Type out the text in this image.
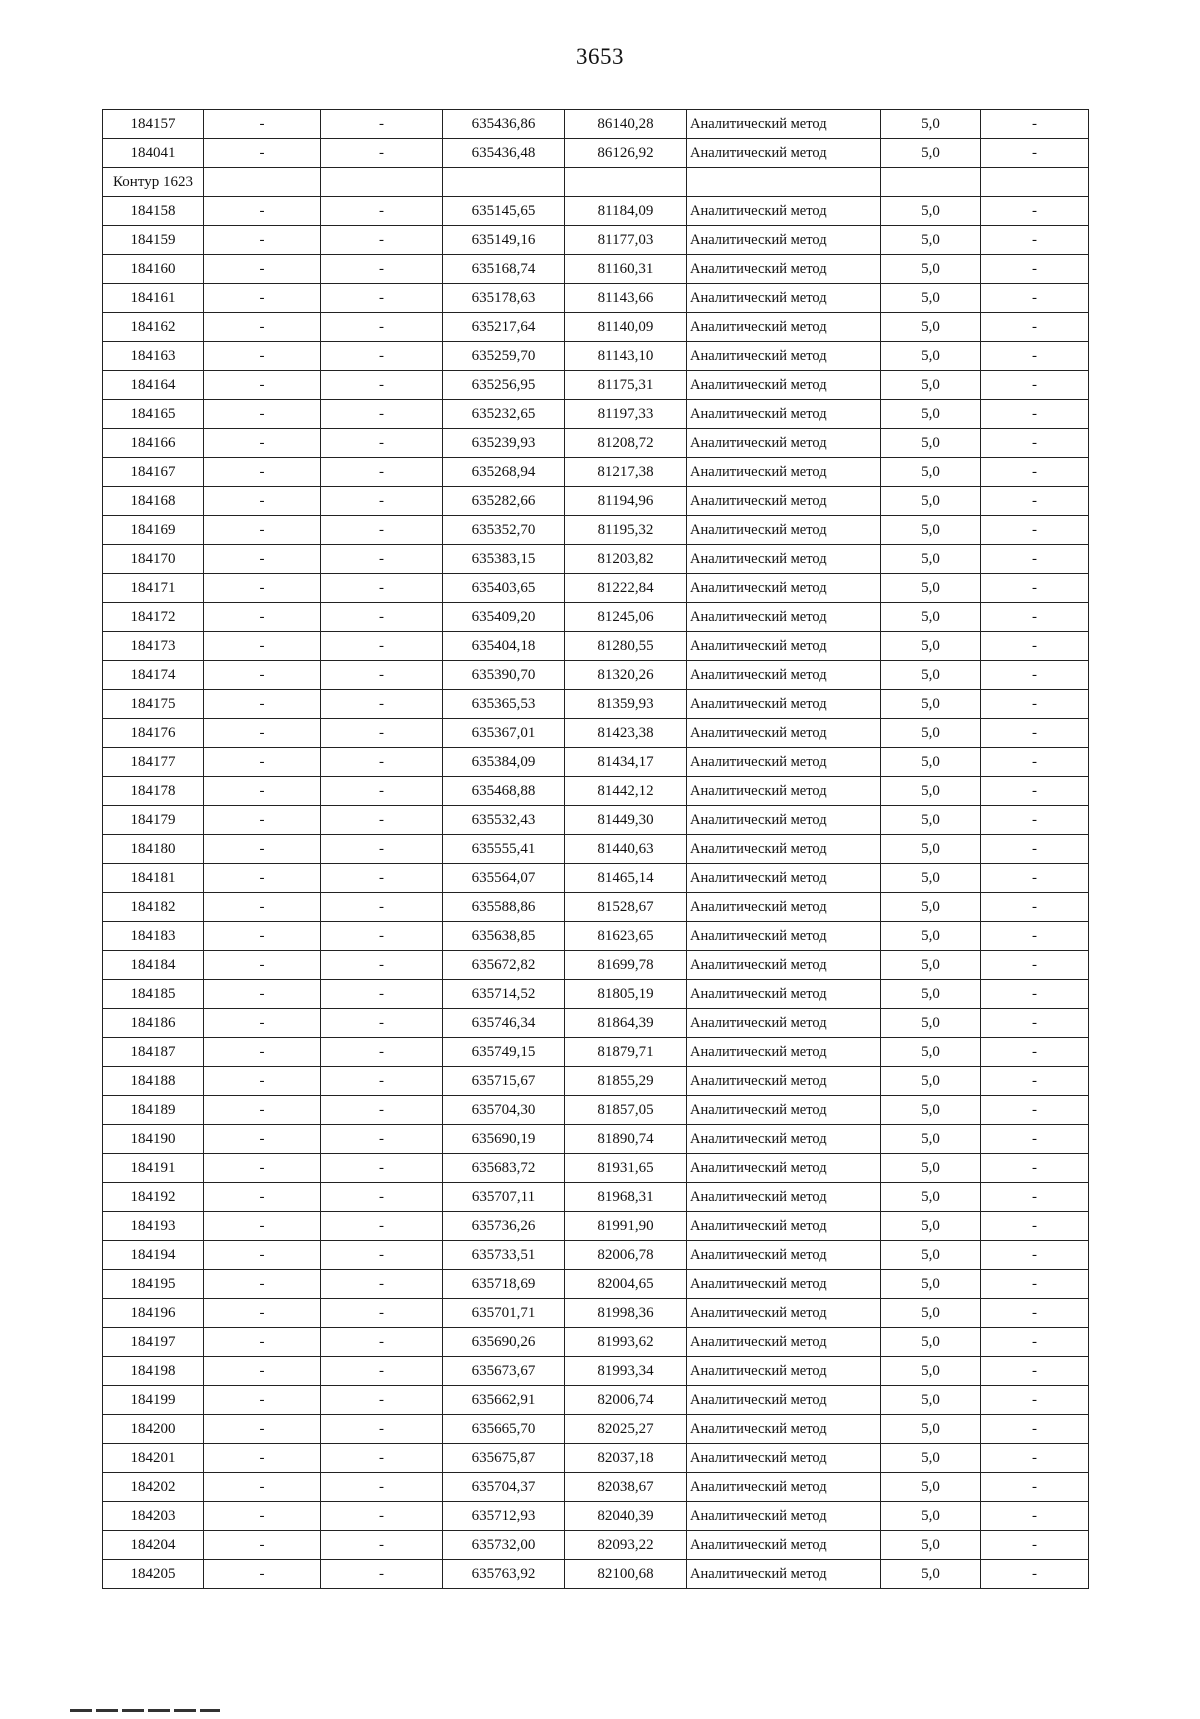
3653
184157	-	-	635436,86	86140,28	Аналитический метод	5,0	-
184041	-	-	635436,48	86126,92	Аналитический метод	5,0	-
Контур 1623							
184158	-	-	635145,65	81184,09	Аналитический метод	5,0	-
184159	-	-	635149,16	81177,03	Аналитический метод	5,0	-
184160	-	-	635168,74	81160,31	Аналитический метод	5,0	-
184161	-	-	635178,63	81143,66	Аналитический метод	5,0	-
184162	-	-	635217,64	81140,09	Аналитический метод	5,0	-
184163	-	-	635259,70	81143,10	Аналитический метод	5,0	-
184164	-	-	635256,95	81175,31	Аналитический метод	5,0	-
184165	-	-	635232,65	81197,33	Аналитический метод	5,0	-
184166	-	-	635239,93	81208,72	Аналитический метод	5,0	-
184167	-	-	635268,94	81217,38	Аналитический метод	5,0	-
184168	-	-	635282,66	81194,96	Аналитический метод	5,0	-
184169	-	-	635352,70	81195,32	Аналитический метод	5,0	-
184170	-	-	635383,15	81203,82	Аналитический метод	5,0	-
184171	-	-	635403,65	81222,84	Аналитический метод	5,0	-
184172	-	-	635409,20	81245,06	Аналитический метод	5,0	-
184173	-	-	635404,18	81280,55	Аналитический метод	5,0	-
184174	-	-	635390,70	81320,26	Аналитический метод	5,0	-
184175	-	-	635365,53	81359,93	Аналитический метод	5,0	-
184176	-	-	635367,01	81423,38	Аналитический метод	5,0	-
184177	-	-	635384,09	81434,17	Аналитический метод	5,0	-
184178	-	-	635468,88	81442,12	Аналитический метод	5,0	-
184179	-	-	635532,43	81449,30	Аналитический метод	5,0	-
184180	-	-	635555,41	81440,63	Аналитический метод	5,0	-
184181	-	-	635564,07	81465,14	Аналитический метод	5,0	-
184182	-	-	635588,86	81528,67	Аналитический метод	5,0	-
184183	-	-	635638,85	81623,65	Аналитический метод	5,0	-
184184	-	-	635672,82	81699,78	Аналитический метод	5,0	-
184185	-	-	635714,52	81805,19	Аналитический метод	5,0	-
184186	-	-	635746,34	81864,39	Аналитический метод	5,0	-
184187	-	-	635749,15	81879,71	Аналитический метод	5,0	-
184188	-	-	635715,67	81855,29	Аналитический метод	5,0	-
184189	-	-	635704,30	81857,05	Аналитический метод	5,0	-
184190	-	-	635690,19	81890,74	Аналитический метод	5,0	-
184191	-	-	635683,72	81931,65	Аналитический метод	5,0	-
184192	-	-	635707,11	81968,31	Аналитический метод	5,0	-
184193	-	-	635736,26	81991,90	Аналитический метод	5,0	-
184194	-	-	635733,51	82006,78	Аналитический метод	5,0	-
184195	-	-	635718,69	82004,65	Аналитический метод	5,0	-
184196	-	-	635701,71	81998,36	Аналитический метод	5,0	-
184197	-	-	635690,26	81993,62	Аналитический метод	5,0	-
184198	-	-	635673,67	81993,34	Аналитический метод	5,0	-
184199	-	-	635662,91	82006,74	Аналитический метод	5,0	-
184200	-	-	635665,70	82025,27	Аналитический метод	5,0	-
184201	-	-	635675,87	82037,18	Аналитический метод	5,0	-
184202	-	-	635704,37	82038,67	Аналитический метод	5,0	-
184203	-	-	635712,93	82040,39	Аналитический метод	5,0	-
184204	-	-	635732,00	82093,22	Аналитический метод	5,0	-
184205	-	-	635763,92	82100,68	Аналитический метод	5,0	-
